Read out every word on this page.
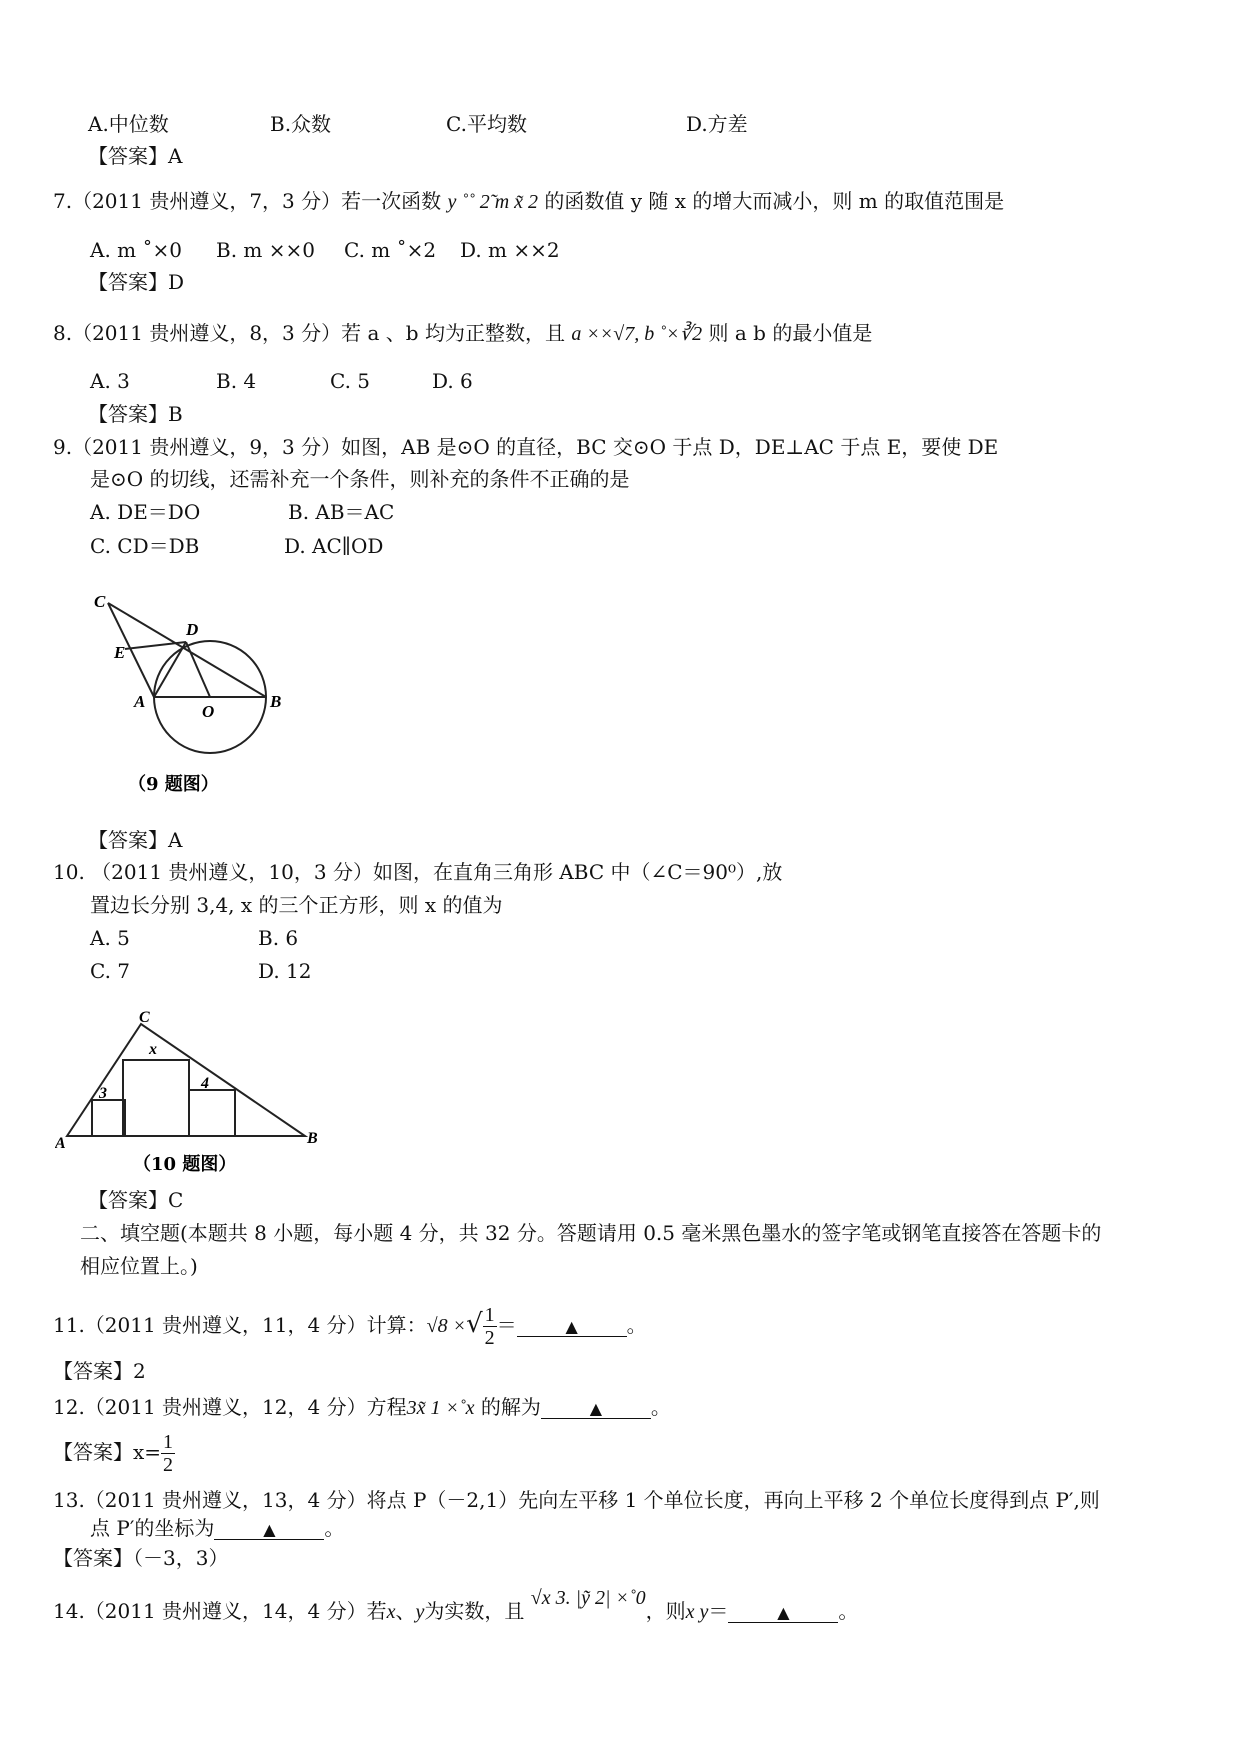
A.中位数	B.众数	C.平均数	D.方差
【答案】A
7.（2011 贵州遵义，7，3 分）若一次函数 y ˚˚ 2̃ m x̃ 2 的函数值 y 随 x 的增大而减小，则 m 的取值范围是
A. m ˚×0 B. m ××0 C. m ˚×2 D. m ××2
【答案】D
8.（2011 贵州遵义，8，3 分）若 a 、b 均为正整数，且 a ××√7, b ˚×∛2 则 a b 的最小值是
A. 3	B. 4	C. 5	D. 6
【答案】B
9.（2011 贵州遵义，9，3 分）如图，AB 是⊙O 的直径，BC 交⊙O 于点 D，DE⊥AC 于点 E，要使 DE
是⊙O 的切线，还需补充一个条件，则补充的条件不正确的是
A. DE＝DO	B. AB＝AC
C. CD＝DB	D. AC∥OD
C
D
E
A
O
B
（9 题图）
【答案】A
10. （2011 贵州遵义，10，3 分）如图，在直角三角形 ABC 中（∠C＝90⁰）,放
置边长分别 3,4, x 的三个正方形，则 x 的值为
A. 5	B. 6
C. 7	D. 12
C
x
3
4
A	B
（10 题图）
【答案】C
二、填空题(本题共 8 小题，每小题 4 分，共 32 分。答题请用 0.5 毫米黑色墨水的签字笔或钢笔直接答在答题卡的
相应位置上。)
11.（2011 贵州遵义，11，4 分）计算：√8 ×√ $\frac{1}{2}$ ＝	▲ 。
【答案】2
12.（2011 贵州遵义，12，4 分）方程3x̃ 1 ×˚x 的解为	▲ 。
【答案】$x= \frac{1}{2}$
13.（2011 贵州遵义，13，4 分）将点 P（－2,1）先向左平移 1 个单位长度，再向上平移 2 个单位长度得到点 P′,则
点 P′的坐标为	▲ 。
【答案】（－3，3）
14.（2011 贵州遵义，14，4 分）若x、y为实数，且 √x 3. |ỹ 2| ×˚0，则x y＝	▲ 。
